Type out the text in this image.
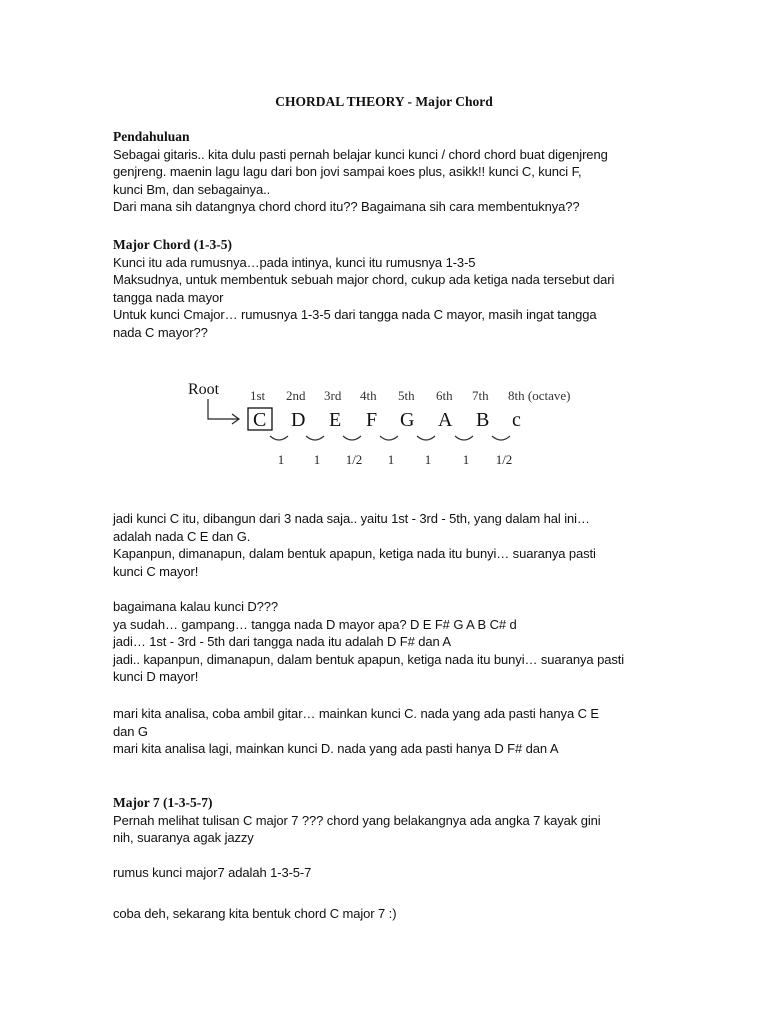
CHORDAL THEORY - Major Chord
Pendahuluan
Sebagai gitaris.. kita dulu pasti pernah belajar kunci kunci / chord chord buat digenjreng
genjreng. maenin lagu lagu dari bon jovi sampai koes plus, asikk!! kunci C, kunci F,
kunci Bm, dan sebagainya..
Dari mana sih datangnya chord chord itu?? Bagaimana sih cara membentuknya??
Major Chord (1-3-5)
Kunci itu ada rumusnya…pada intinya, kunci itu rumusnya 1-3-5
Maksudnya, untuk membentuk sebuah major chord, cukup ada ketiga nada tersebut dari
tangga nada mayor
Untuk kunci Cmajor… rumusnya 1-3-5 dari tangga nada C mayor, masih ingat tangga
nada C mayor??
Root 1st 2nd 3rd 4th 5th 6th 7th 8th (octave)
C D E F G A B c
1 1 1/2 1 1 1 1/2
jadi kunci C itu, dibangun dari 3 nada saja.. yaitu 1st - 3rd - 5th, yang dalam hal ini…
adalah nada C E dan G.
Kapanpun, dimanapun, dalam bentuk apapun, ketiga nada itu bunyi… suaranya pasti
kunci C mayor!
bagaimana kalau kunci D???
ya sudah… gampang… tangga nada D mayor apa? D E F# G A B C# d
jadi… 1st - 3rd - 5th dari tangga nada itu adalah D F# dan A
jadi.. kapanpun, dimanapun, dalam bentuk apapun, ketiga nada itu bunyi… suaranya pasti
kunci D mayor!
mari kita analisa, coba ambil gitar… mainkan kunci C. nada yang ada pasti hanya C E
dan G
mari kita analisa lagi, mainkan kunci D. nada yang ada pasti hanya D F# dan A
Major 7 (1-3-5-7)
Pernah melihat tulisan C major 7 ??? chord yang belakangnya ada angka 7 kayak gini
nih, suaranya agak jazzy
rumus kunci major7 adalah 1-3-5-7
coba deh, sekarang kita bentuk chord C major 7 :)
